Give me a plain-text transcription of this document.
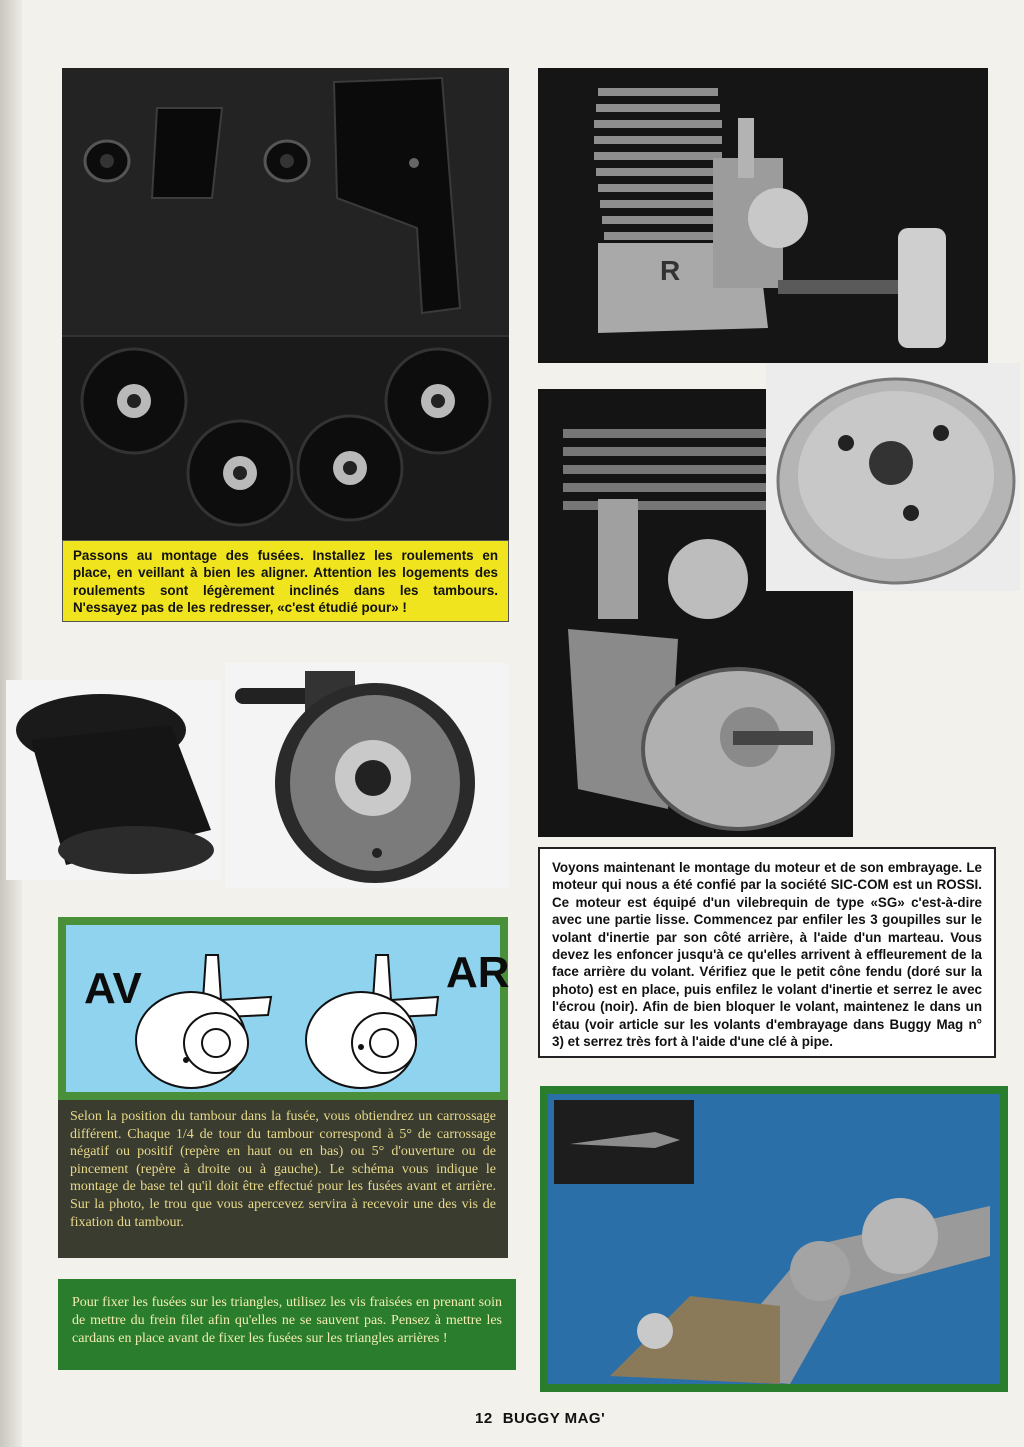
Passons au montage des fusées. Installez les roulements en place, en veillant à bien les aligner. Attention les logements des roulements sont légèrement inclinés dans les tambours. N'essayez pas de les redresser, «c'est étudié pour» !

R
AV	AR

Selon la position du tambour dans la fusée, vous obtiendrez un carrossage différent. Chaque 1/4 de tour du tambour correspond à 5° de carrossage négatif ou positif (repère en haut ou en bas) ou 5° d'ouverture ou de pincement (repère à droite ou à gauche). Le schéma vous indique le montage de base tel qu'il doit être effectué pour les fusées avant et arrière. Sur la photo, le trou que vous apercevez servira à recevoir une des vis de fixation du tambour.

Voyons maintenant le montage du moteur et de son embrayage. Le moteur qui nous a été confié par la société SIC-COM est un ROSSI. Ce moteur est équipé d'un vilebrequin de type «SG» c'est-à-dire avec une partie lisse. Commencez par enfiler les 3 goupilles sur le volant d'inertie par son côté arrière, à l'aide d'un marteau. Vous devez les enfoncer jusqu'à ce qu'elles arrivent à effleurement de la face arrière du volant. Vérifiez que le petit cône fendu (doré sur la photo) est en place, puis enfilez le volant d'inertie et serrez le avec l'écrou (noir). Afin de bien bloquer le volant, maintenez le dans un étau (voir article sur les volants d'embrayage dans Buggy Mag n° 3) et serrez très fort à l'aide d'une clé à pipe.

Pour fixer les fusées sur les triangles, utilisez les vis fraisées en prenant soin de mettre du frein filet afin qu'elles ne se sauvent pas. Pensez à mettre les cardans en place avant de fixer les fusées sur les triangles arrières !

12 BUGGY MAG'
